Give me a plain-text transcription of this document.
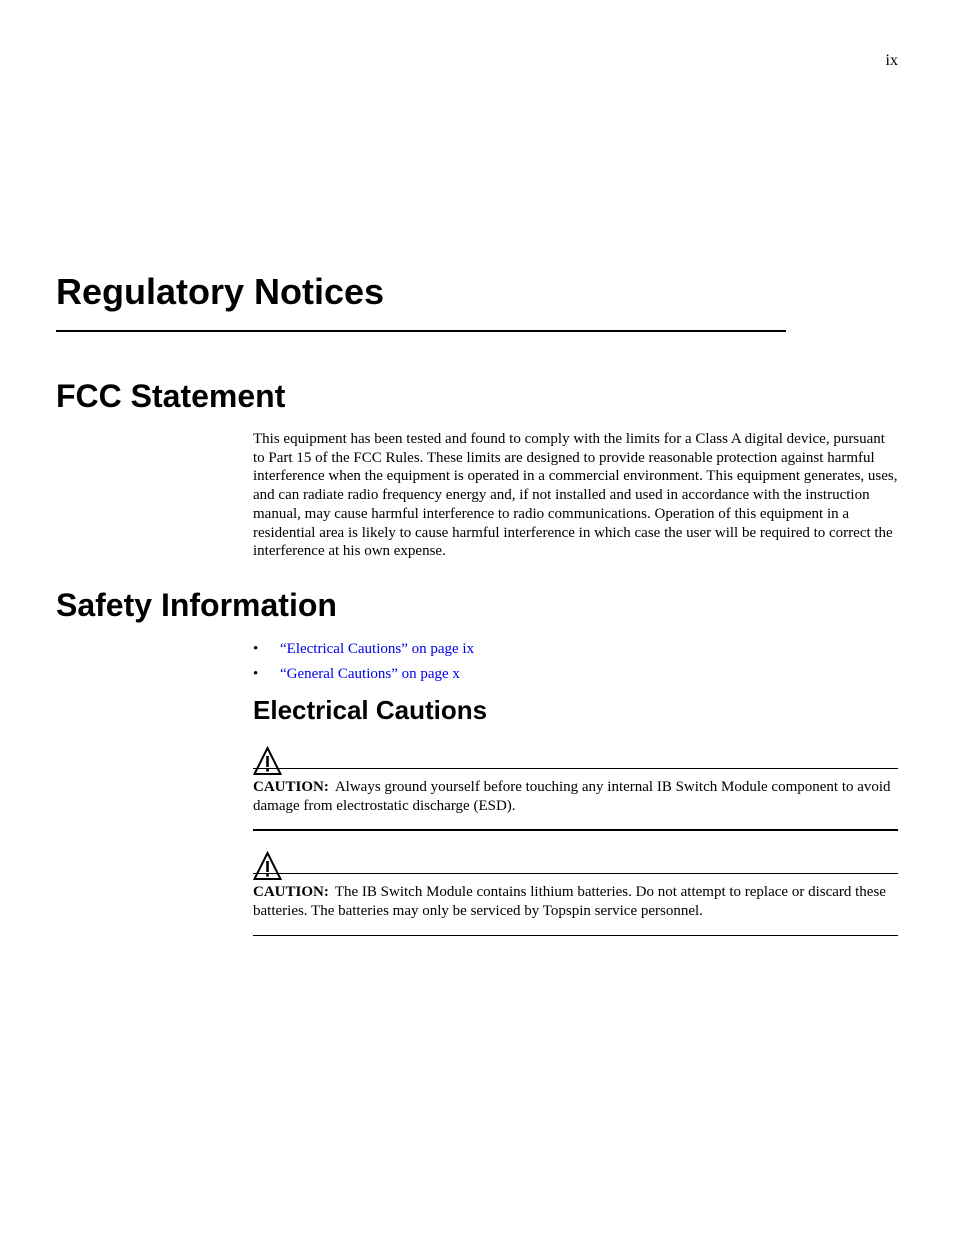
ix
Regulatory Notices
FCC Statement

This equipment has been tested and found to comply with the limits for a Class A digital device, pursuant to Part 15 of the FCC Rules. These limits are designed to provide reasonable protection against harmful interference when the equipment is operated in a commercial environment. This equipment generates, uses, and can radiate radio frequency energy and, if not installed and used in accordance with the instruction manual, may cause harmful interference to radio communications. Operation of this equipment in a residential area is likely to cause harmful interference in which case the user will be required to correct the interference at his own expense.

Safety Information
• “Electrical Cautions” on page ix
• “General Cautions” on page x
Electrical Cautions

CAUTION: Always ground yourself before touching any internal IB Switch Module component to avoid damage from electrostatic discharge (ESD).

CAUTION: The IB Switch Module contains lithium batteries. Do not attempt to replace or discard these batteries. The batteries may only be serviced by Topspin service personnel.
